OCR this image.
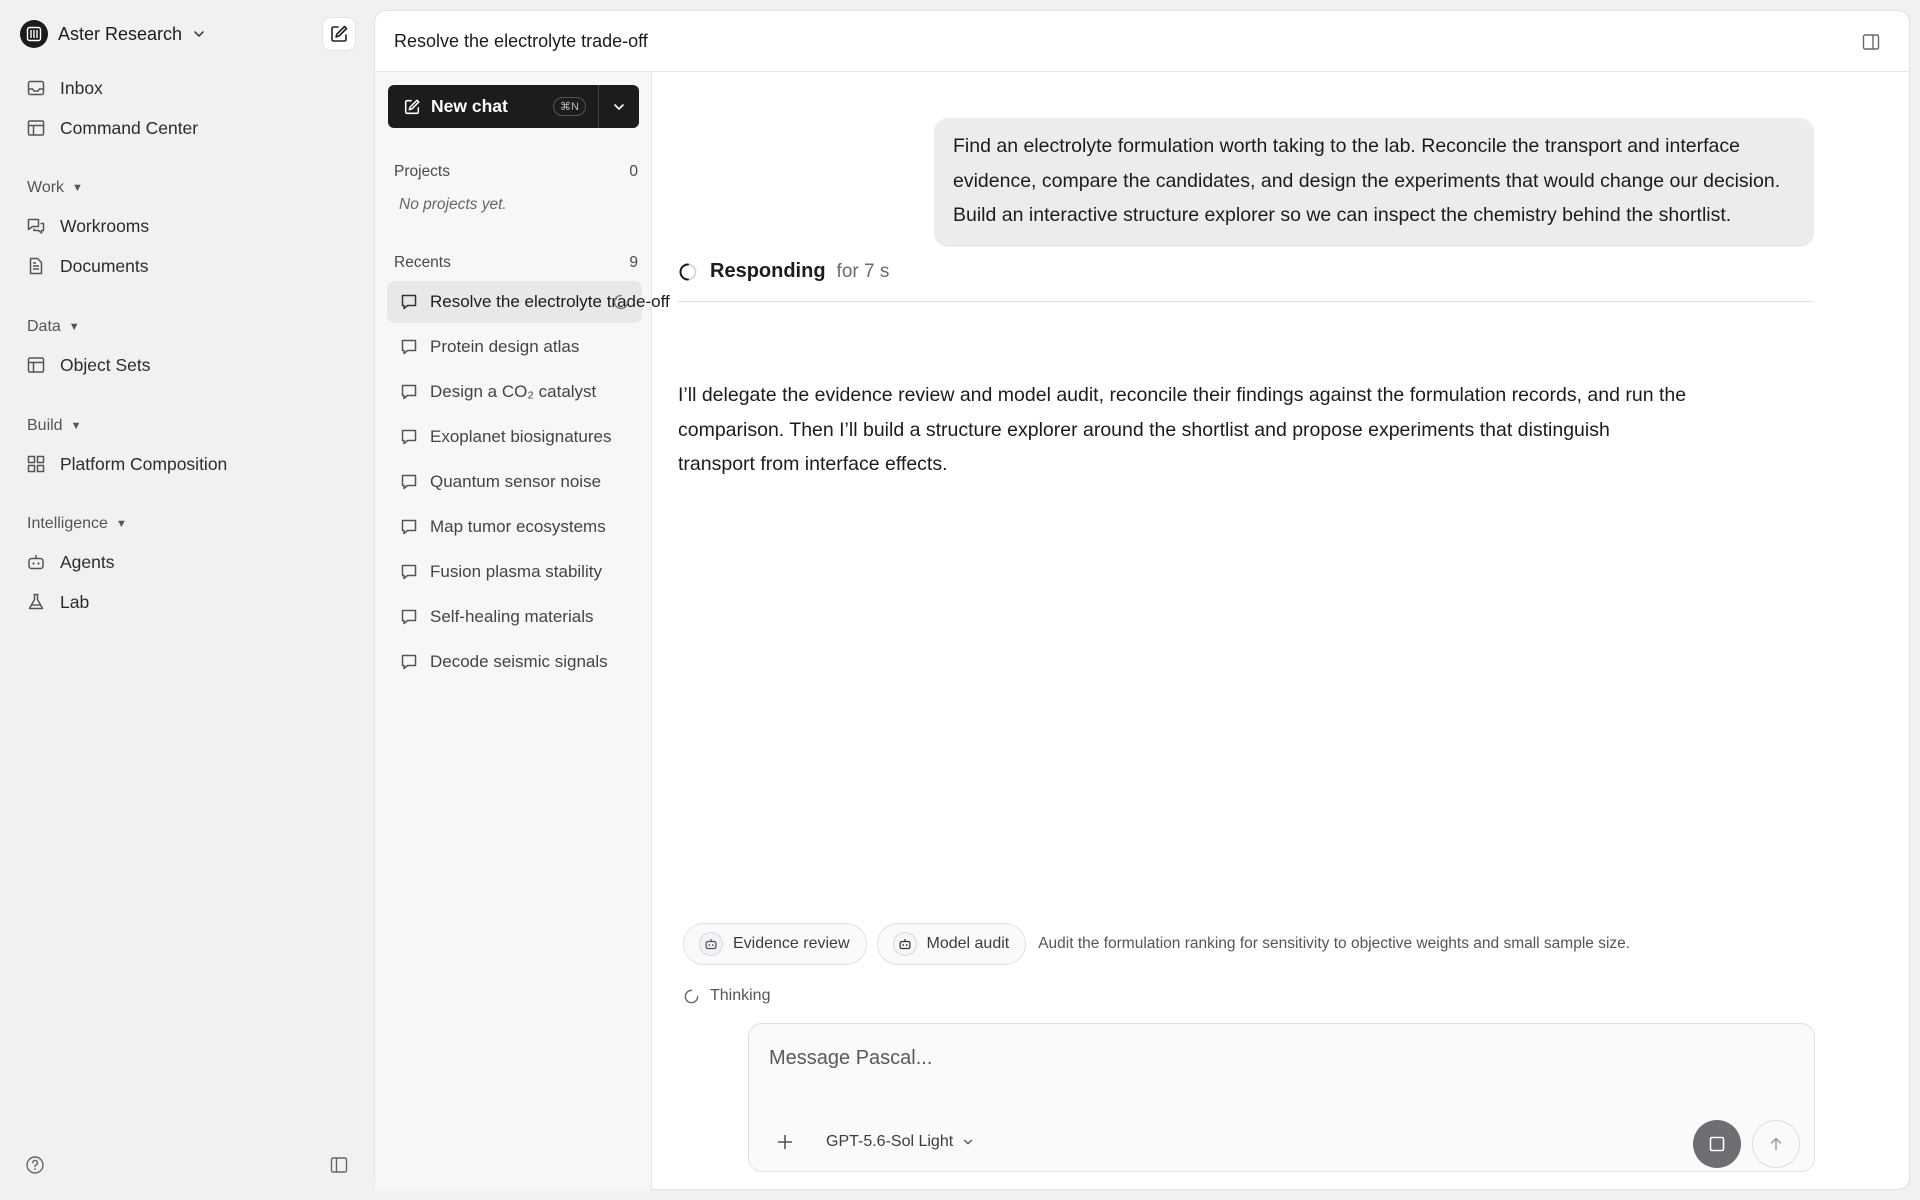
Aster Research
Inbox
Command Center
Work ▼
Workrooms
Documents
Data ▼
Object Sets
Build ▼
Platform Composition
Intelligence ▼
Agents
Lab
Resolve the electrolyte trade-off
New chat	⌘N
Projects	0
No projects yet.
Recents	9
Resolve the electrolyte trade-off
Protein design atlas
Design a CO₂ catalyst
Exoplanet biosignatures
Quantum sensor noise
Map tumor ecosystems
Fusion plasma stability
Self-healing materials
Decode seismic signals
Find an electrolyte formulation worth taking to the lab. Reconcile the transport and interface evidence, compare the candidates, and design the experiments that would change our decision. Build an interactive structure explorer so we can inspect the chemistry behind the shortlist.
Responding for 7 s
I’ll delegate the evidence review and model audit, reconcile their findings against the formulation records, and run the comparison. Then I’ll build a structure explorer around the shortlist and propose experiments that distinguish transport from interface effects.
Evidence review	Model audit Audit the formulation ranking for sensitivity to objective weights and small sample size.
Thinking
Message Pascal...
GPT-5.6-Sol Light
